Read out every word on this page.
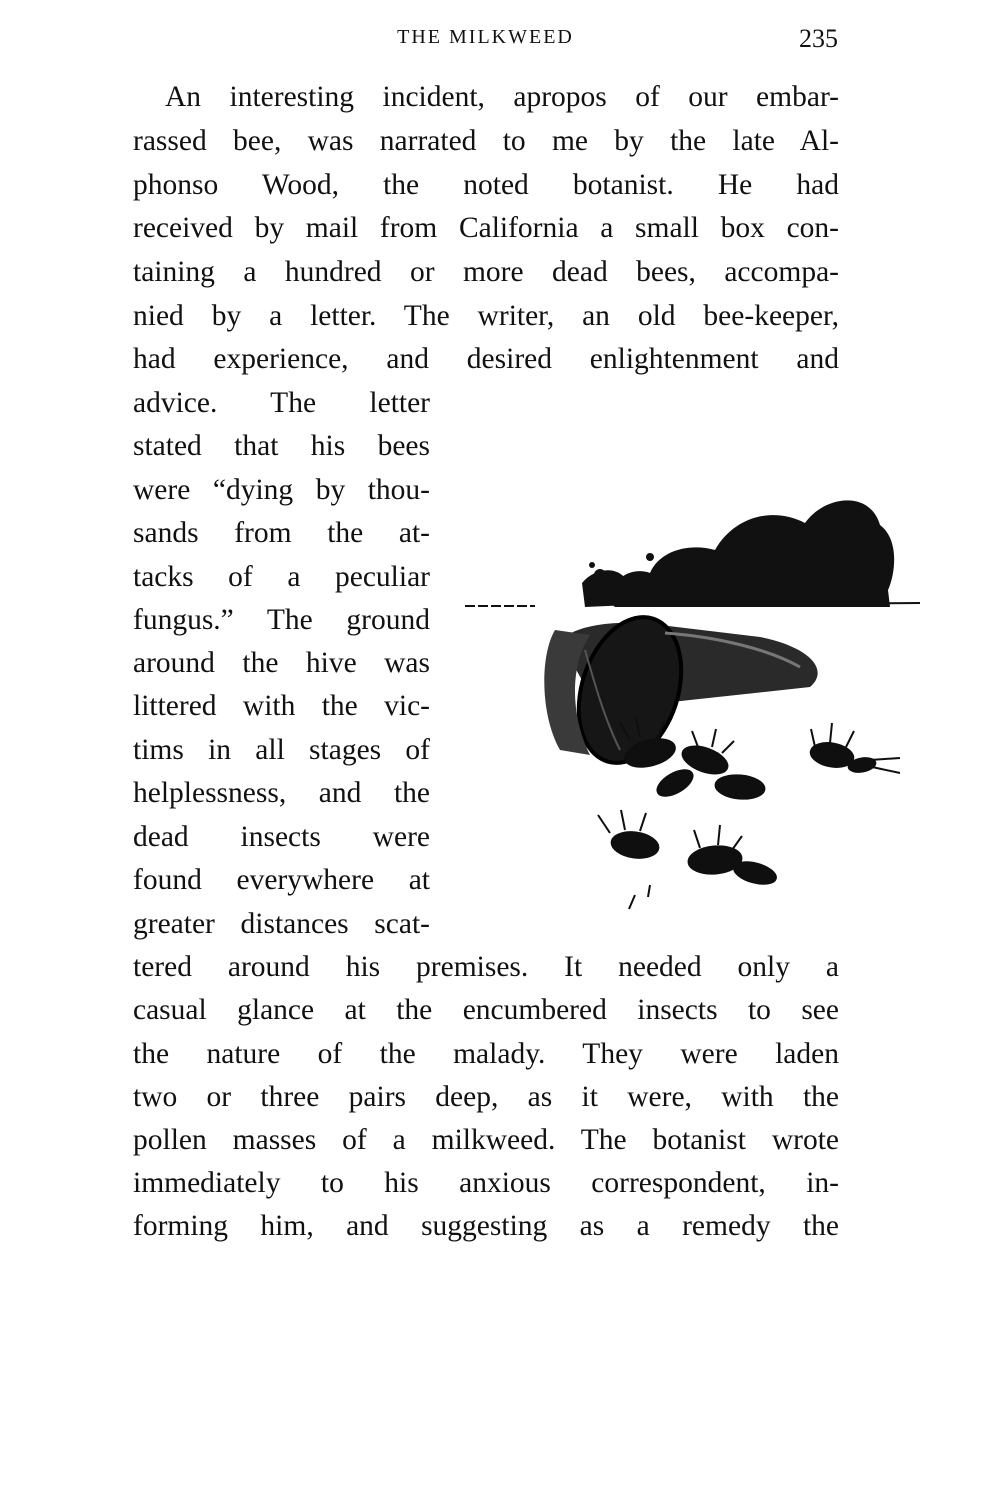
THE MILKWEED	235
An interesting incident, apropos of our embar-
rassed bee, was narrated to me by the late Al-
phonso Wood, the noted botanist. He had
received by mail from California a small box con-
taining a hundred or more dead bees, accompa-
nied by a letter. The writer, an old bee-keeper,
had experience, and desired enlightenment and
advice. The letter
stated that his bees
were “dying by thou-
sands from the at-
tacks of a peculiar
fungus.” The ground
around the hive was
littered with the vic-
tims in all stages of
helplessness, and the
dead insects were
found everywhere at
greater distances scat-
tered around his premises. It needed only a
casual glance at the encumbered insects to see
the nature of the malady. They were laden
two or three pairs deep, as it were, with the
pollen masses of a milkweed. The botanist wrote
immediately to his anxious correspondent, in-
forming him, and suggesting as a remedy the
